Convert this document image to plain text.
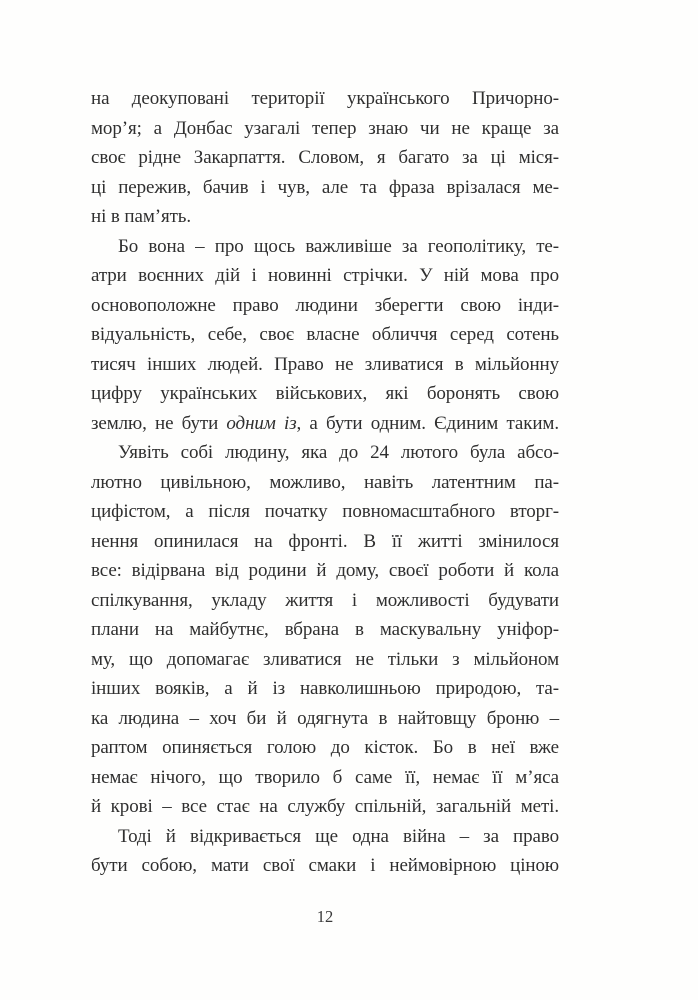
на деокуповані території українського Причорно-
мор’я; а Донбас узагалі тепер знаю чи не краще за
своє рідне Закарпаття. Словом, я багато за ці міся-
ці пережив, бачив і чув, але та фраза врізалася ме-
ні в пам’ять.
Бо вона – про щось важливіше за геополітику, те-
атри воєнних дій і новинні стрічки. У ній мова про
основоположне право людини зберегти свою інди-
відуальність, себе, своє власне обличчя серед сотень
тисяч інших людей. Право не зливатися в мільйонну
цифру українських військових, які боронять свою
землю, не бути одним із, а бути одним. Єдиним таким.
Уявіть собі людину, яка до 24 лютого була абсо-
лютно цивільною, можливо, навіть латентним па-
цифістом, а після початку повномасштабного вторг-
нення опинилася на фронті. В її житті змінилося
все: відірвана від родини й дому, своєї роботи й кола
спілкування, укладу життя і можливості будувати
плани на майбутнє, вбрана в маскувальну уніфор-
му, що допомагає зливатися не тільки з мільйоном
інших вояків, а й із навколишньою природою, та-
ка людина – хоч би й одягнута в найтовщу броню –
раптом опиняється голою до кісток. Бо в неї вже
немає нічого, що творило б саме її, немає її м’яса
й крові – все стає на службу спільній, загальній меті.
Тоді й відкривається ще одна війна – за право
бути собою, мати свої смаки і неймовірною ціною
12
